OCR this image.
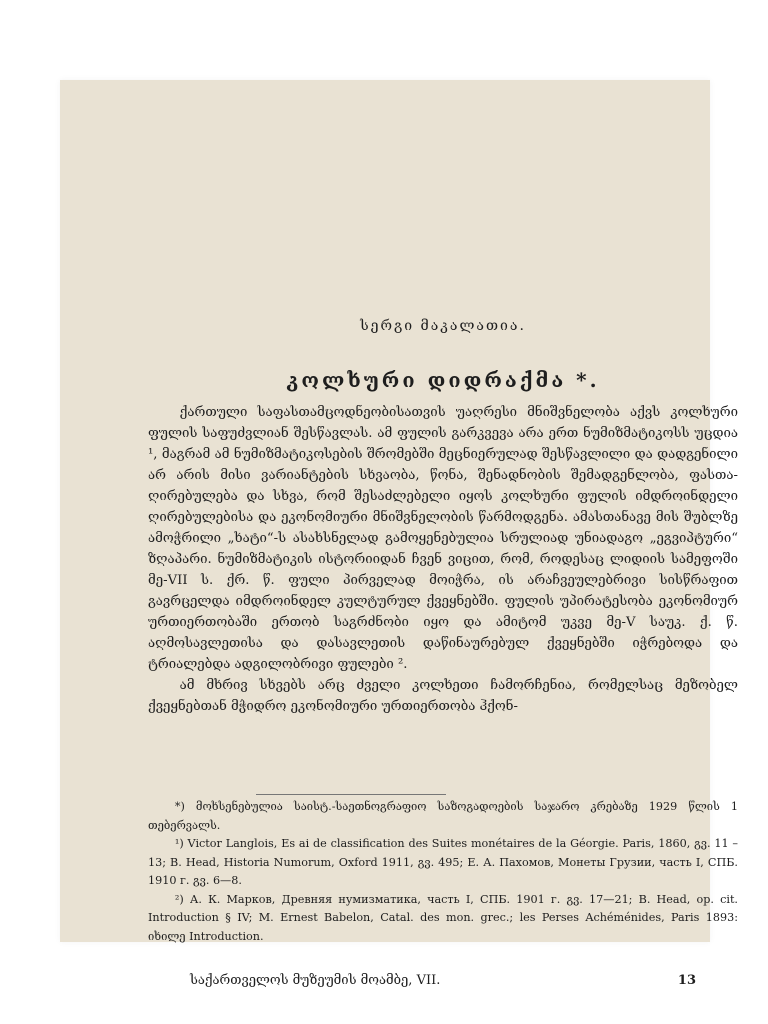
სერგი მაკალათია.
კოლხური დიდრაქმა *.

ქართული საფასთამცოდნეობისათვის უაღრესი მნიშვნელობა აქვს კოლხური ფულის საფუძვლიან შესწავლას. ამ ფულის გარკვევა არა ერთ ნუმიზმატიკოსს უცდია ¹, მაგრამ ამ ნუმიზმატიკოსების შრომებში მეცნიერულად შესწავლილი და დადგენილი არ არის მისი ვარიანტების სხვაობა, წონა, შენადნობის შემადგენლობა, ფასთა-ღირებულება და სხვა, რომ შესაძლებელი იყოს კოლხური ფულის იმდროინდელი ღირებულებისა და ეკონომიური მნიშვნელობის წარმოდგენა. ამასთანავე მის შუბლზე ამოჭრილი „ხატი“-ს ასახსნელად გამოყენებულია სრულიად უნიადაგო „ეგვიპტური“ ზღაპარი. ნუმიზმატიკის ისტორიიდან ჩვენ ვიცით, რომ, როდესაც ლიდიის სამეფოში მე-VII ს. ქრ. წ. ფული პირველად მოიჭრა, ის არაჩვეულებრივი სისწრაფით გავრცელდა იმდროინდელ კულტურულ ქვეყნებში. ფულის უპირატესობა ეკონომიურ ურთიერთობაში ერთობ საგრძნობი იყო და ამიტომ უკვე მე-V საუკ. ქ. წ. აღმოსავლეთისა და დასავლეთის დაწინაურებულ ქვეყნებში იჭრებოდა და ტრიალებდა ადგილობრივი ფულები ².

ამ მხრივ სხვებს არც ძველი კოლხეთი ჩამორჩენია, რომელსაც მეზობელ ქვეყნებთან მჭიდრო ეკონომიური ურთიერთობა ჰქონ-

*) მოხსენებულია საისტ.-საეთნოგრაფიო საზოგადოების საჯარო კრებაზე 1929 წლის 1 თებერვალს.

¹) Victor Langlois, Es ai de classification des Suites monétaires de la Géorgie. Paris, 1860, გვ. 11 –13; B. Head, Historia Numorum, Oxford 1911, გვ. 495; Е. А. Пахомов, Монеты Грузии, часть I, СПБ. 1910 г. გვ. 6—8.

²) А. К. Марков, Древняя нумизматика, часть I, СПБ. 1901 г. გვ. 17—21; B. Head, op. cit. Introduction § IV; M. Ernest Babelon, Catal. des mon. grec.; les Perses Achéménides, Paris 1893: იხილე Introduction.

საქართველოს მუზეუმის მოამბე, VII.	13
